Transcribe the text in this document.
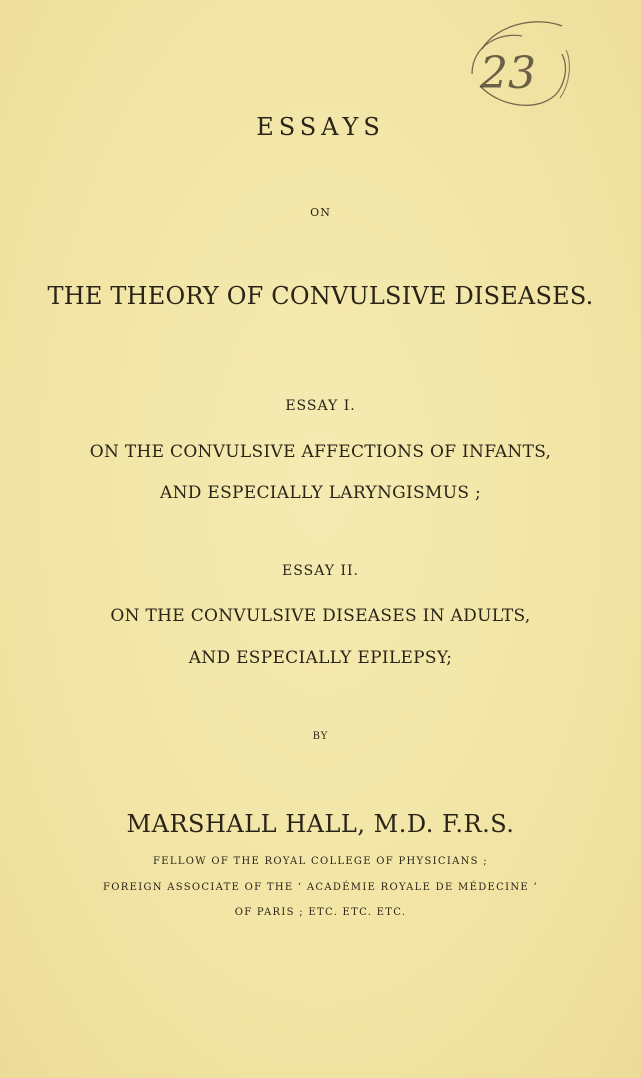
23
ESSAYS
ON
THE THEORY OF CONVULSIVE DISEASES.
ESSAY I.
ON THE CONVULSIVE AFFECTIONS OF INFANTS,
AND ESPECIALLY LARYNGISMUS ;
ESSAY II.
ON THE CONVULSIVE DISEASES IN ADULTS,
AND ESPECIALLY EPILEPSY;
BY
MARSHALL HALL, M.D. F.R.S.
FELLOW OF THE ROYAL COLLEGE OF PHYSICIANS ;
FOREIGN ASSOCIATE OF THE ‘ ACADÉMIE ROYALE DE MÉDECINE ’
OF PARIS ; ETC. ETC. ETC.
